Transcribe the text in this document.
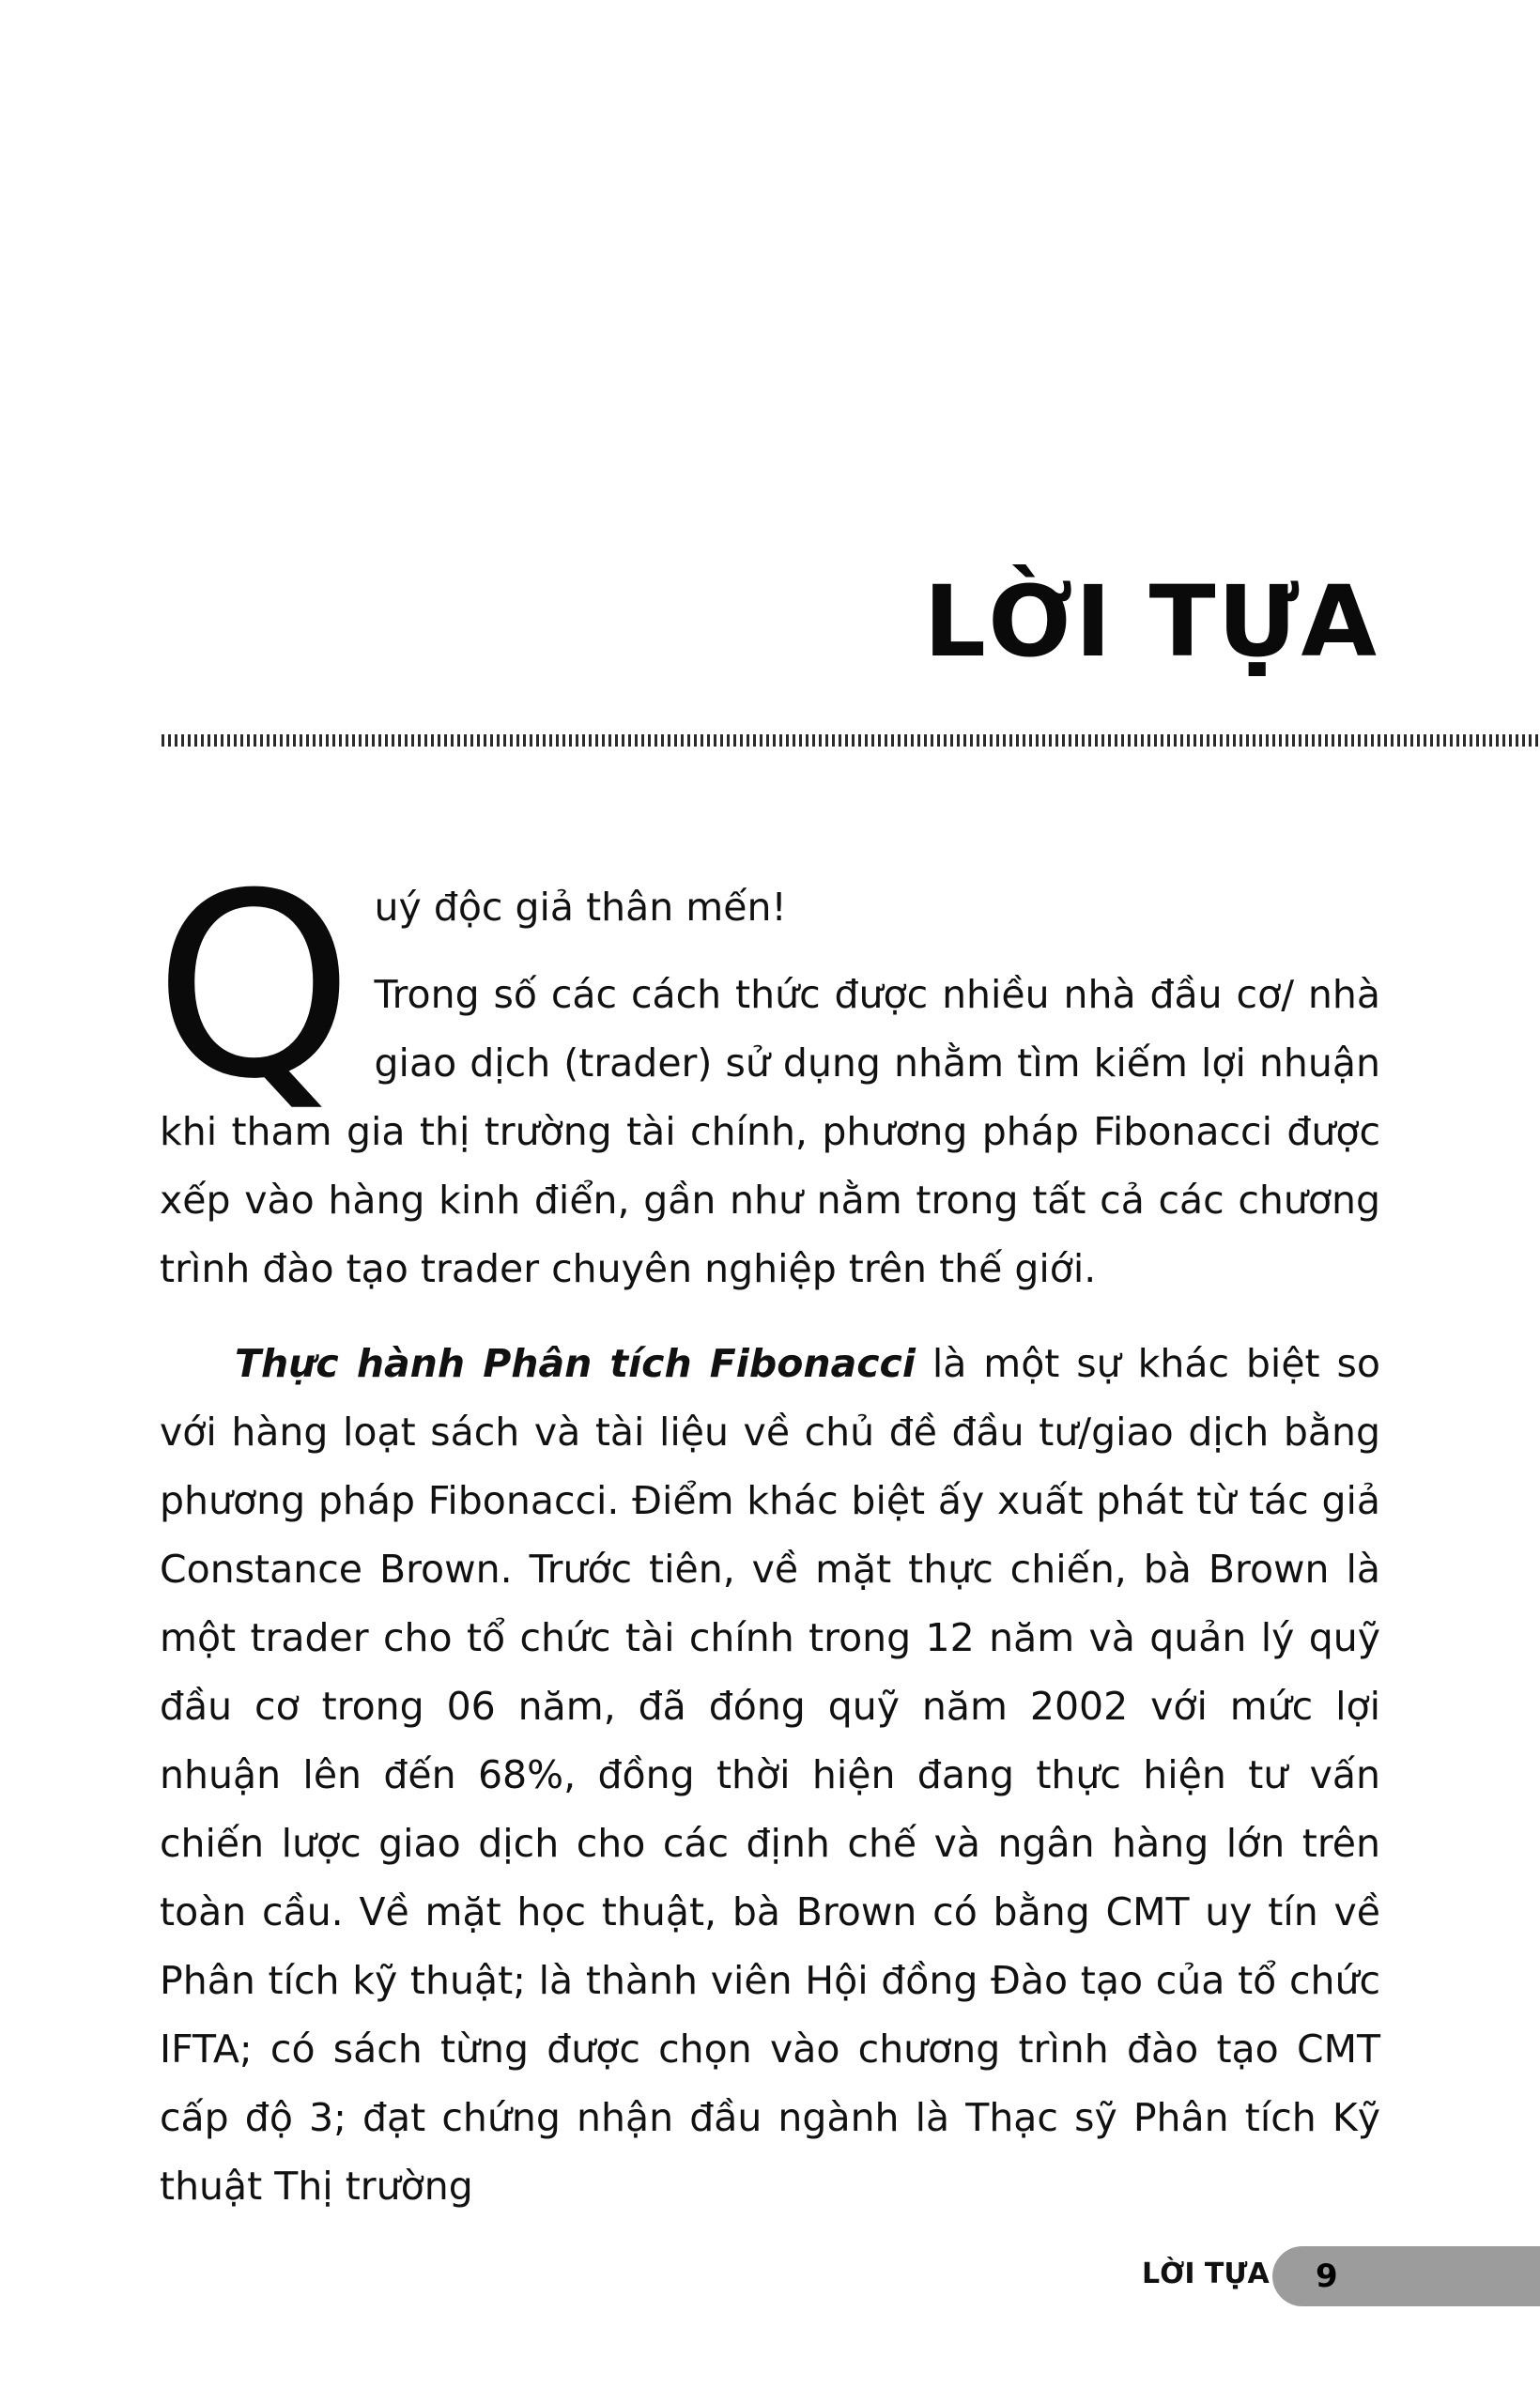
LỜI TỰA
Q uý độc giả thân mến!

Trong số các cách thức được nhiều nhà đầu cơ/ nhà giao dịch (trader) sử dụng nhằm tìm kiếm lợi nhuận khi tham gia thị trường tài chính, phương pháp Fibonacci được xếp vào hàng kinh điển, gần như nằm trong tất cả các chương trình đào tạo trader chuyên nghiệp trên thế giới.

Thực hành Phân tích Fibonacci là một sự khác biệt so với hàng loạt sách và tài liệu về chủ đề đầu tư/giao dịch bằng phương pháp Fibonacci. Điểm khác biệt ấy xuất phát từ tác giả Constance Brown. Trước tiên, về mặt thực chiến, bà Brown là một trader cho tổ chức tài chính trong 12 năm và quản lý quỹ đầu cơ trong 06 năm, đã đóng quỹ năm 2002 với mức lợi nhuận lên đến 68%, đồng thời hiện đang thực hiện tư vấn chiến lược giao dịch cho các định chế và ngân hàng lớn trên toàn cầu. Về mặt học thuật, bà Brown có bằng CMT uy tín về Phân tích kỹ thuật; là thành viên Hội đồng Đào tạo của tổ chức IFTA; có sách từng được chọn vào chương trình đào tạo CMT cấp độ 3; đạt chứng nhận đầu ngành là Thạc sỹ Phân tích Kỹ thuật Thị trường

LỜI TỰA 9
